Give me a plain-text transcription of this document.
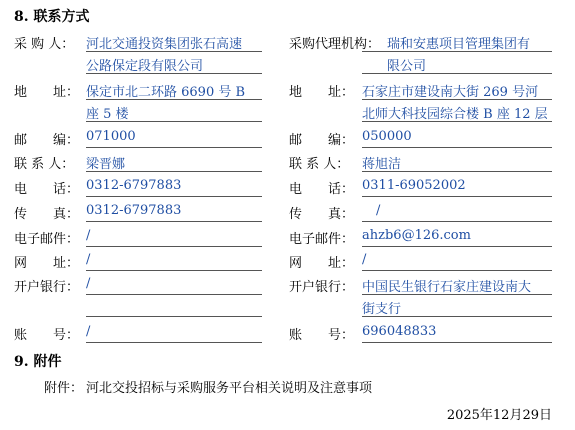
8. 联系方式
采 购 人： 河北交通投资集团张石高速
公路保定段有限公司
地　　址： 保定市北二环路 6690 号 B
座 5 楼
邮　　编： 071000
联 系 人： 梁晋娜
电　　话： 0312-6797883
传　　真： 0312-6797883
电子邮件： /
网　　址： /
开户银行： /
账　　号： /
采购代理机构： 瑞和安惠项目管理集团有
限公司
地　　址： 石家庄市建设南大街 269 号河
北师大科技园综合楼 B 座 12 层
邮　　编： 050000
联 系 人： 蒋旭洁
电　　话： 0311-69052002
传　　真： /
电子邮件： ahzb6@126.com
网　　址： /
开户银行： 中国民生银行石家庄建设南大
街支行
账　　号： 696048833
9. 附件
附件： 河北交投招标与采购服务平台相关说明及注意事项
2025年12月29日
